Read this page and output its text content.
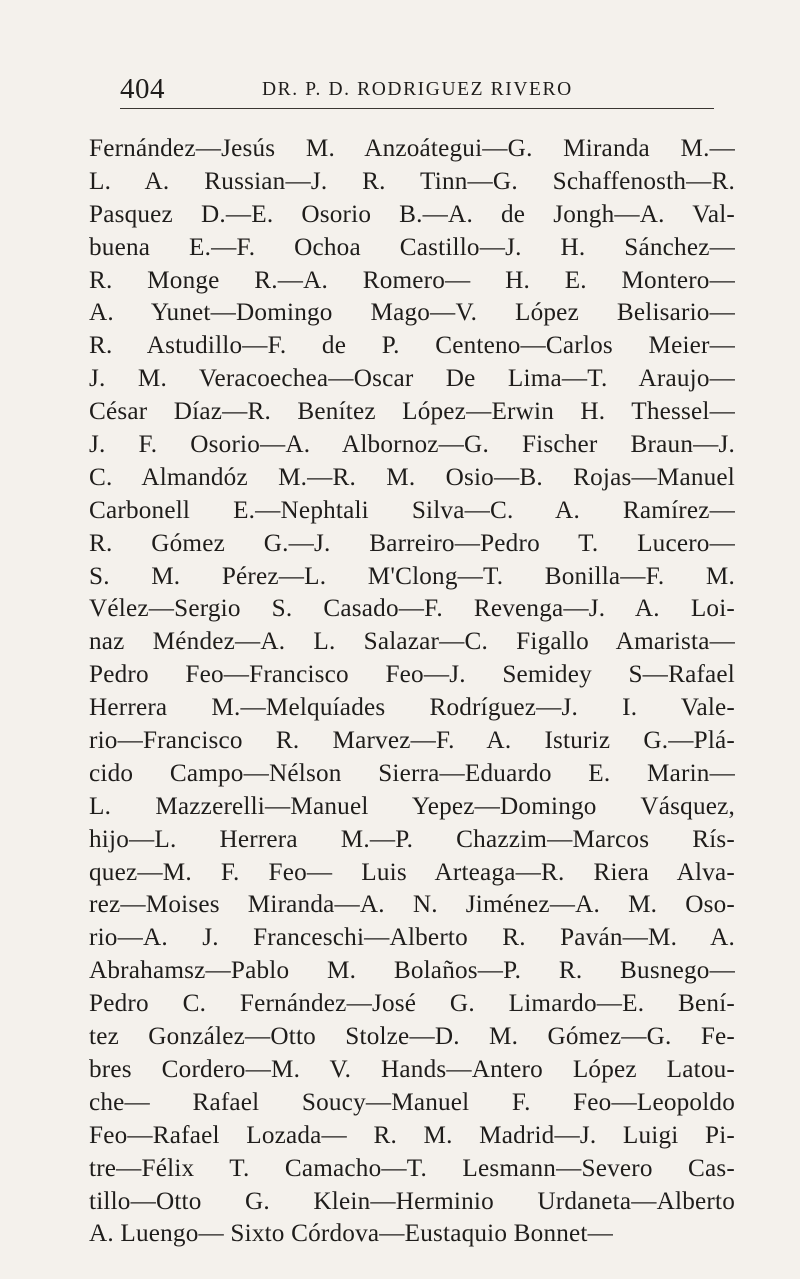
404	DR. P. D. RODRIGUEZ RIVERO
Fernández—Jesús M. Anzoátegui—G. Miranda M.—
L. A. Russian—J. R. Tinn—G. Schaffenosth—R.
Pasquez D.—E. Osorio B.—A. de Jongh—A. Val-
buena E.—F. Ochoa Castillo—J. H. Sánchez—
R. Monge R.—A. Romero— H. E. Montero—
A. Yunet—Domingo Mago—V. López Belisario—
R. Astudillo—F. de P. Centeno—Carlos Meier—
J. M. Veracoechea—Oscar De Lima—T. Araujo—
César Díaz—R. Benítez López—Erwin H. Thessel—
J. F. Osorio—A. Albornoz—G. Fischer Braun—J.
C. Almandóz M.—R. M. Osio—B. Rojas—Manuel
Carbonell E.—Nephtali Silva—C. A. Ramírez—
R. Gómez G.—J. Barreiro—Pedro T. Lucero—
S. M. Pérez—L. M'Clong—T. Bonilla—F. M.
Vélez—Sergio S. Casado—F. Revenga—J. A. Loi-
naz Méndez—A. L. Salazar—C. Figallo Amarista—
Pedro Feo—Francisco Feo—J. Semidey S—Rafael
Herrera M.—Melquíades Rodríguez—J. I. Vale-
rio—Francisco R. Marvez—F. A. Isturiz G.—Plá-
cido Campo—Nélson Sierra—Eduardo E. Marin—
L. Mazzerelli—Manuel Yepez—Domingo Vásquez,
hijo—L. Herrera M.—P. Chazzim—Marcos Rís-
quez—M. F. Feo— Luis Arteaga—R. Riera Alva-
rez—Moises Miranda—A. N. Jiménez—A. M. Oso-
rio—A. J. Franceschi—Alberto R. Paván—M. A.
Abrahamsz—Pablo M. Bolaños—P. R. Busnego—
Pedro C. Fernández—José G. Limardo—E. Bení-
tez González—Otto Stolze—D. M. Gómez—G. Fe-
bres Cordero—M. V. Hands—Antero López Latou-
che— Rafael Soucy—Manuel F. Feo—Leopoldo
Feo—Rafael Lozada— R. M. Madrid—J. Luigi Pi-
tre—Félix T. Camacho—T. Lesmann—Severo Cas-
tillo—Otto G. Klein—Herminio Urdaneta—Alberto
A. Luengo— Sixto Córdova—Eustaquio Bonnet—
